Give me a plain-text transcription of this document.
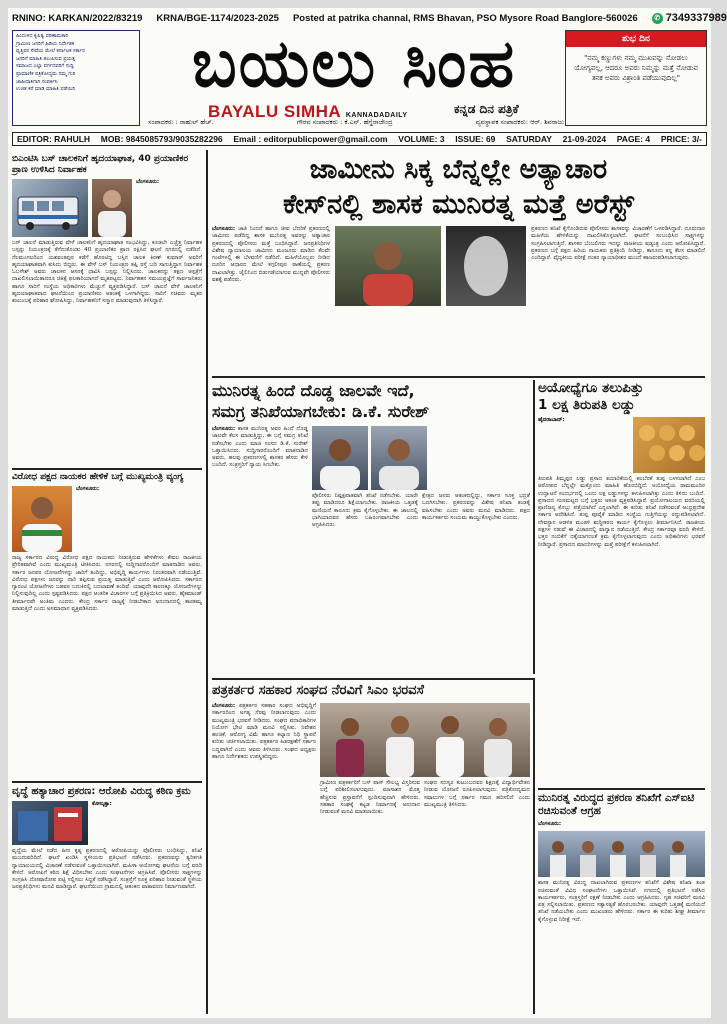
RNINO: KARKAN/2022/83219 KRNA/BGE-1174/2023-2025 Posted at patrika channal, RMS Bhavan, PSO Mysore Road Banglore-560026	✆ 7349337989

ಹಿಂದುಳಿದ ಕೃಷಿತ್ವ ಪರಿಣಾಮಕಾರಿ

ಗ್ರಾಮೀಣ ಜನರಿಗೆ ಹಿಡಿಯ ನಿರ್ದೇಶಕ

ವೃತ್ತಿಪರ ಸೇವೆಯ ಮೇಲೆ ಕರ್ನಾಟಕ ಸರ್ಕಾರ

ಜನರಿಗೆ ಮಾಹಿತಿ ತಲುಪಿಸುವ ಪ್ರಯತ್ನ

ಸಮಾಜದ ಎಲ್ಲಾ ವರ್ಗದವರಿಗೆ ಸುದ್ದಿ

ಪ್ರಾಮಾಣಿಕ ಪತ್ರಿಕೋದ್ಯಮ ನಮ್ಮ ಗುರಿ

ಜಾಹೀರಾತಿಗಾಗಿ ಸಂಪರ್ಕಿಸಿ

ಉಚಿತ ಕರೆ ಮಾಡಿ ಮಾಹಿತಿ ಪಡೆಯಿರಿ	ಬಯಲು ಸಿಂಹ
BAYALU SIMHA KANNADADAILY	ಕನ್ನಡ ದಿನ ಪತ್ರಿಕೆ
ಸಂಪಾದಕರು : ರಾಹುಲ್ ಹೆಚ್.	ಗೌರವ ಸಂಪಾದಕರು : ಕೆ.ಎನ್. ಹೆಗ್ಡೆರಾಜೇಂದ್ರ	ವ್ಯವಸ್ಥಾಪಕ ಸಂಪಾದಕರು: ಆರ್. ಶಿವರಾಜು
ಶುಭ ದಿನ
"ನಮ್ಮ ಕಣ್ಣುಗಳು ನಮ್ಮ ಮುಖವನ್ನು ನೋಡಲು ಯೋಗ್ಯವಲ್ಲ, ಆದರೂ ಅವರು ನಿಮ್ಮನ್ನು ಮತ್ತೆ ನೋಡುವ ತನಕ ಅವರು ವಿಶ್ರಾಂತಿ ಪಡೆಯುವುದಿಲ್ಲ"
EDITOR: RAHULH MOB: 9845085793/9035282296 Email : editorpublicpower@gmail.com VOLUME: 3 ISSUE: 69 SATURDAY 21-09-2024 PAGE: 4 PRICE: 3/-
ಬಿಎಂಟಿಸಿ ಬಸ್ ಚಾಲಕನಿಗೆ ಹೃದಯಾಘಾತ, 40 ಪ್ರಯಾಣಿಕರ ಪ್ರಾಣ ಉಳಿಸಿದ ನಿರ್ವಾಹಕ
ಬೆಂಗಳೂರು:
ಬಸ್ ಚಾಲನೆ ಮಾಡುತ್ತಿರುವ ವೇಳೆ ಚಾಲಕನಿಗೆ ಹೃದಯಾಘಾತ ಸಂಭವಿಸಿದ್ದು, ಕೂಡಲೇ ಎಚ್ಚೆತ್ತ ನಿರ್ವಾಹಕ ಬಸ್ಸನ್ನು ನಿಯಂತ್ರಣಕ್ಕೆ ತೆಗೆದುಕೊಂಡು 40 ಪ್ರಯಾಣಿಕರ ಪ್ರಾಣ ರಕ್ಷಿಸಿದ ಘಟನೆ ನಗರದಲ್ಲಿ ನಡೆದಿದೆ. ನೆಲಮಂಗಲದಿಂದ ಯಶವಂತಪುರ ಕಡೆಗೆ ಹೊರಟಿದ್ದ ಬಸ್ಸಿನ ಚಾಲಕ ಕಿರಣ್ ಕುಮಾರ್ ಅವರಿಗೆ ಹೃದಯಾಘಾತವಾಗಿ ಕುಸಿದು ಬಿದ್ದರು. ಈ ವೇಳೆ ಬಸ್ ನಿಯಂತ್ರಣ ತಪ್ಪಿ ರಸ್ತೆ ಬದಿ ಸಾಗುತ್ತಿದ್ದಾಗ ನಿರ್ವಾಹಕ ಓಬಳೇಶ್ ಅವರು ಚಾಲಕನ ಆಸನಕ್ಕೆ ಧಾವಿಸಿ ಬಸ್ಸನ್ನು ನಿಲ್ಲಿಸಿದರು. ಚಾಲಕನನ್ನು ತಕ್ಷಣ ಆಸ್ಪತ್ರೆಗೆ ದಾಖಲಿಸಲಾಯಿತಾದರೂ ಚಿಕಿತ್ಸೆ ಫಲಕಾರಿಯಾಗದೆ ಮೃತಪಟ್ಟರು. ನಿರ್ವಾಹಕನ ಸಮಯಪ್ರಜ್ಞೆಗೆ ಸಾರ್ವಜನಿಕರು ಹಾಗೂ ಸಾರಿಗೆ ಸಂಸ್ಥೆಯ ಅಧಿಕಾರಿಗಳು ಮೆಚ್ಚುಗೆ ವ್ಯಕ್ತಪಡಿಸಿದ್ದಾರೆ. ಬಸ್ ಚಾಲನೆ ವೇಳೆ ಚಾಲಕನಿಗೆ ಹೃದಯಾಘಾತವಾದ ಘಟನೆಯಿಂದ ಪ್ರಯಾಣಿಕರು ಆತಂಕಕ್ಕೆ ಒಳಗಾಗಿದ್ದರು. ಸಾರಿಗೆ ಸಚಿವರು ಮೃತರ ಕುಟುಂಬಕ್ಕೆ ಪರಿಹಾರ ಘೋಷಿಸಿದ್ದು, ನಿರ್ವಾಹಕನಿಗೆ ಸನ್ಮಾನ ಮಾಡುವುದಾಗಿ ತಿಳಿಸಿದ್ದಾರೆ.
ವಿರೋಧ ಪಕ್ಷದ ನಾಯಕರ ಹೇಳಿಕೆ ಬಗ್ಗೆ ಮುಖ್ಯಮಂತ್ರಿ ವ್ಯಂಗ್ಯ
ಬೆಂಗಳೂರು:
ರಾಜ್ಯ ಸರ್ಕಾರದ ವಿರುದ್ಧ ವಿರೋಧ ಪಕ್ಷದ ನಾಯಕರು ನೀಡುತ್ತಿರುವ ಹೇಳಿಕೆಗಳು ಕೇವಲ ರಾಜಕೀಯ ಪ್ರೇರಿತವಾಗಿವೆ ಎಂದು ಮುಖ್ಯಮಂತ್ರಿ ಟೀಕಿಸಿದರು. ನಗರದಲ್ಲಿ ಸುದ್ದಿಗಾರರೊಂದಿಗೆ ಮಾತನಾಡಿದ ಅವರು, ಸರ್ಕಾರ ಜನಪರ ಯೋಜನೆಗಳನ್ನು ಜಾರಿಗೆ ತಂದಿದ್ದು, ಅಭಿವೃದ್ಧಿ ಕಾರ್ಯಗಳು ನಿರಂತರವಾಗಿ ನಡೆಯುತ್ತಿವೆ. ವಿರೋಧ ಪಕ್ಷಗಳು ಜನರನ್ನು ದಾರಿ ತಪ್ಪಿಸುವ ಪ್ರಯತ್ನ ಮಾಡುತ್ತಿವೆ ಎಂದು ಆರೋಪಿಸಿದರು. ಸರ್ಕಾರದ ಗ್ಯಾರಂಟಿ ಯೋಜನೆಗಳು ಬಡವರ ಬದುಕಿನಲ್ಲಿ ಬದಲಾವಣೆ ತಂದಿವೆ. ಯಾವುದೇ ಕಾರಣಕ್ಕೂ ಯೋಜನೆಗಳನ್ನು ನಿಲ್ಲಿಸುವುದಿಲ್ಲ ಎಂದು ಸ್ಪಷ್ಟಪಡಿಸಿದರು. ಪಕ್ಷದ ಆಂತರಿಕ ವಿಚಾರಗಳ ಬಗ್ಗೆ ಪ್ರತಿಕ್ರಿಯಿಸಿದ ಅವರು, ಹೈಕಮಾಂಡ್ ತೀರ್ಮಾನವೇ ಅಂತಿಮ ಎಂದರು. ಕೇಂದ್ರ ಸರ್ಕಾರ ರಾಜ್ಯಕ್ಕೆ ನೀಡಬೇಕಾದ ಅನುದಾನದಲ್ಲಿ ತಾರತಮ್ಯ ಮಾಡುತ್ತಿದೆ ಎಂದು ಅಸಮಾಧಾನ ವ್ಯಕ್ತಪಡಿಸಿದರು.
ವೃದ್ಧೆ ಹತ್ಯಾಚಾರ ಪ್ರಕರಣ: ಆರೋಪಿ ವಿರುದ್ಧ ಕಠಿಣ ಕ್ರಮ
ಕೋಲ್ಕತ್ತಾ:
ವೃದ್ಧೆಯ ಮೇಲೆ ನಡೆದ ಹೀನ ಕೃತ್ಯ ಪ್ರಕರಣದಲ್ಲಿ ಆರೋಪಿಯನ್ನು ಪೊಲೀಸರು ಬಂಧಿಸಿದ್ದು, ತನಿಖೆ ಮುಂದುವರಿದಿದೆ. ಘಟನೆ ಖಂಡಿಸಿ ಸ್ಥಳೀಯರು ಪ್ರತಿಭಟನೆ ನಡೆಸಿದರು. ಪ್ರಕರಣವನ್ನು ತ್ವರಿತಗತಿ ನ್ಯಾಯಾಲಯದಲ್ಲಿ ವಿಚಾರಣೆ ನಡೆಸುವಂತೆ ಒತ್ತಾಯಿಸಲಾಗಿದೆ. ಮಹಿಳಾ ಆಯೋಗವು ಘಟನೆಯ ಬಗ್ಗೆ ವರದಿ ಕೇಳಿದೆ. ಆರೋಪಿಗೆ ಕಠಿಣ ಶಿಕ್ಷೆ ವಿಧಿಸಬೇಕು ಎಂದು ಸಂಘಟನೆಗಳು ಆಗ್ರಹಿಸಿವೆ. ಪೊಲೀಸರು ಸಾಕ್ಷ್ಯಗಳನ್ನು ಸಂಗ್ರಹಿಸಿ ದೋಷಾರೋಪ ಪಟ್ಟಿ ಸಲ್ಲಿಸಲು ಸಿದ್ಧತೆ ನಡೆಸಿದ್ದಾರೆ. ಸಂತ್ರಸ್ತೆಗೆ ಸೂಕ್ತ ಪರಿಹಾರ ನೀಡುವಂತೆ ಸ್ಥಳೀಯ ಜನಪ್ರತಿನಿಧಿಗಳು ಮನವಿ ಮಾಡಿದ್ದಾರೆ. ಘಟನೆಯಿಂದ ಗ್ರಾಮದಲ್ಲಿ ಆತಂಕದ ವಾತಾವರಣ ನಿರ್ಮಾಣವಾಗಿದೆ.
ಜಾಮೀನು ಸಿಕ್ಕ ಬೆನ್ನಲ್ಲೇ ಅತ್ಯಾಚಾರ
ಕೇಸ್‌ನಲ್ಲಿ ಶಾಸಕ ಮುನಿರತ್ನ ಮತ್ತೆ ಅರೆಸ್ಟ್
ಬೆಂಗಳೂರು: ಜಾತಿ ನಿಂದನೆ ಹಾಗೂ ಜೀವ ಬೆದರಿಕೆ ಪ್ರಕರಣದಲ್ಲಿ ಜಾಮೀನು ಪಡೆದಿದ್ದ ಶಾಸಕ ಮುನಿರತ್ನ ಅವರನ್ನು ಅತ್ಯಾಚಾರ ಪ್ರಕರಣದಲ್ಲಿ ಪೊಲೀಸರು ಮತ್ತೆ ಬಂಧಿಸಿದ್ದಾರೆ. ಜನಪ್ರತಿನಿಧಿಗಳ ವಿಶೇಷ ನ್ಯಾಯಾಲಯ ಜಾಮೀನು ಮಂಜೂರು ಮಾಡಿದ ಕೆಲವೇ ಗಂಟೆಗಳಲ್ಲಿ ಈ ಬೆಳವಣಿಗೆ ನಡೆದಿದೆ. ಮಹಿಳೆಯೊಬ್ಬರು ನೀಡಿದ ದೂರಿನ ಆಧಾರದ ಮೇಲೆ ಕಗ್ಗಲೀಪುರ ಠಾಣೆಯಲ್ಲಿ ಪ್ರಕರಣ ದಾಖಲಾಗಿತ್ತು. ಜೈಲಿನಿಂದ ಬಿಡುಗಡೆಯಾಗುವ ಮುನ್ನವೇ ಪೊಲೀಸರು ವಶಕ್ಕೆ ಪಡೆದರು.
ಪ್ರಕರಣದ ತನಿಖೆ ಕೈಗೊಂಡಿರುವ ಪೊಲೀಸರು ಶಾಸಕರನ್ನು ವಿಚಾರಣೆಗೆ ಒಳಪಡಿಸಿದ್ದಾರೆ. ದೂರುದಾರ ಮಹಿಳೆಯ ಹೇಳಿಕೆಯನ್ನು ದಾಖಲಿಸಿಕೊಳ್ಳಲಾಗಿದೆ. ಘಟನೆಗೆ ಸಂಬಂಧಿಸಿದ ಸಾಕ್ಷ್ಯಗಳನ್ನು ಸಂಗ್ರಹಿಸಲಾಗುತ್ತಿದೆ. ಶಾಸಕರ ಬೆಂಬಲಿಗರು ಇದನ್ನು ರಾಜಕೀಯ ಷಡ್ಯಂತ್ರ ಎಂದು ಆರೋಪಿಸಿದ್ದಾರೆ. ಪ್ರಕರಣದ ಬಗ್ಗೆ ಪಕ್ಷದ ಹಿರಿಯ ನಾಯಕರು ಪ್ರತಿಕ್ರಿಯೆ ನೀಡಿದ್ದು, ಕಾನೂನು ತನ್ನ ಕೆಲಸ ಮಾಡಲಿದೆ ಎಂದಿದ್ದಾರೆ. ವೈದ್ಯಕೀಯ ಪರೀಕ್ಷೆ ನಂತರ ನ್ಯಾಯಾಧೀಶರ ಮುಂದೆ ಹಾಜರುಪಡಿಸಲಾಗುವುದು.
ಮುನಿರತ್ನ ಹಿಂದೆ ದೊಡ್ಡ ಜಾಲವೇ ಇದೆ,
ಸಮಗ್ರ ತನಿಖೆಯಾಗಬೇಕು: ಡಿ.ಕೆ. ಸುರೇಶ್
ಬೆಂಗಳೂರು: ಶಾಸಕ ಮುನಿರತ್ನ ಅವರ ಹಿಂದೆ ದೊಡ್ಡ ಜಾಲವೇ ಕೆಲಸ ಮಾಡುತ್ತಿದ್ದು, ಈ ಬಗ್ಗೆ ಸಮಗ್ರ ತನಿಖೆ ನಡೆಸಬೇಕು ಎಂದು ಮಾಜಿ ಸಂಸದ ಡಿ.ಕೆ. ಸುರೇಶ್ ಒತ್ತಾಯಿಸಿದರು. ಸುದ್ದಿಗಾರರೊಂದಿಗೆ ಮಾತನಾಡಿದ ಅವರು, ಹಲವು ಪ್ರಕರಣಗಳಲ್ಲಿ ಶಾಸಕರ ಹೆಸರು ಕೇಳಿ ಬಂದಿದೆ. ಸಂತ್ರಸ್ತರಿಗೆ ನ್ಯಾಯ ಸಿಗಬೇಕು.
ಪೊಲೀಸರು ನಿಷ್ಪಕ್ಷಪಾತವಾಗಿ ತನಿಖೆ ನಡೆಸಬೇಕು. ಯಾರೇ ತಪ್ಪು ಮಾಡಿದರೂ ಶಿಕ್ಷೆಯಾಗಬೇಕು. ರಾಜಕೀಯ ಒತ್ತಡಕ್ಕೆ ಮಣಿಯದೆ ಕಾನೂನು ಕ್ರಮ ಕೈಗೊಳ್ಳಬೇಕು. ಈ ಜಾಲದಲ್ಲಿ ಭಾಗಿಯಾದವರ ಹೆಸರು ಬಹಿರಂಗವಾಗಬೇಕು ಎಂದು ಆಗ್ರಹಿಸಿದರು.
ಕ್ಷೇತ್ರದ ಜನರು ಆತಂಕದಲ್ಲಿದ್ದು, ಸರ್ಕಾರ ಸೂಕ್ತ ಭದ್ರತೆ ಒದಗಿಸಬೇಕು. ಪ್ರಕರಣವನ್ನು ವಿಶೇಷ ತನಿಖಾ ತಂಡಕ್ಕೆ ವಹಿಸಬೇಕು ಎಂದು ಅವರು ಮನವಿ ಮಾಡಿದರು. ಪಕ್ಷದ ಕಾರ್ಯಕರ್ತರು ಸಂಯಮ ಕಾಯ್ದುಕೊಳ್ಳಬೇಕು ಎಂದರು.
ಅಯೋಧ್ಯೆಗೂ ತಲುಪಿತ್ತು
1 ಲಕ್ಷ ತಿರುಪತಿ ಲಡ್ಡು
ಹೈದರಾಬಾದ್:
ತಿರುಪತಿ ತಿಮ್ಮಪ್ಪನ ಲಡ್ಡು ಪ್ರಸಾದ ತಯಾರಿಕೆಯಲ್ಲಿ ಕಲಬೆರಕೆ ತುಪ್ಪ ಬಳಸಲಾಗಿದೆ ಎಂಬ ಆರೋಪದ ಬೆನ್ನಲ್ಲೇ ಮತ್ತೊಂದು ಮಾಹಿತಿ ಹೊರಬಿದ್ದಿದೆ. ಅಯೋಧ್ಯೆಯ ರಾಮಮಂದಿರ ಉದ್ಘಾಟನೆ ಸಂದರ್ಭದಲ್ಲಿ ಒಂದು ಲಕ್ಷ ಲಡ್ಡುಗಳನ್ನು ಕಳುಹಿಸಲಾಗಿತ್ತು ಎಂದು ತಿಳಿದು ಬಂದಿದೆ. ಪ್ರಸಾದದ ಗುಣಮಟ್ಟದ ಬಗ್ಗೆ ಭಕ್ತರು ಆತಂಕ ವ್ಯಕ್ತಪಡಿಸಿದ್ದಾರೆ. ಪ್ರಯೋಗಾಲಯದ ವರದಿಯಲ್ಲಿ ಪ್ರಾಣಿಜನ್ಯ ಕೊಬ್ಬು ಪತ್ತೆಯಾಗಿದೆ ಎನ್ನಲಾಗಿದೆ. ಈ ಕುರಿತು ತನಿಖೆ ನಡೆಸುವಂತೆ ಆಂಧ್ರಪ್ರದೇಶ ಸರ್ಕಾರ ಆದೇಶಿಸಿದೆ. ತುಪ್ಪ ಪೂರೈಕೆ ಮಾಡಿದ ಸಂಸ್ಥೆಯ ಗುತ್ತಿಗೆಯನ್ನು ರದ್ದುಪಡಿಸಲಾಗಿದೆ. ದೇವಸ್ಥಾನ ಆಡಳಿತ ಮಂಡಳಿ ಶುದ್ಧೀಕರಣ ಕಾರ್ಯ ಕೈಗೊಳ್ಳಲು ತೀರ್ಮಾನಿಸಿದೆ. ರಾಜಕೀಯ ಪಕ್ಷಗಳ ನಡುವೆ ಈ ವಿಚಾರದಲ್ಲಿ ವಾಗ್ವಾದ ನಡೆಯುತ್ತಿದೆ. ಕೇಂದ್ರ ಸರ್ಕಾರವೂ ವರದಿ ಕೇಳಿದೆ. ಭಕ್ತರ ನಂಬಿಕೆಗೆ ಧಕ್ಕೆಯಾಗದಂತೆ ಕ್ರಮ ಕೈಗೊಳ್ಳಲಾಗುವುದು ಎಂದು ಅಧಿಕಾರಿಗಳು ಭರವಸೆ ನೀಡಿದ್ದಾರೆ. ಪ್ರಸಾದದ ಮಾದರಿಗಳನ್ನು ಮತ್ತೆ ಪರೀಕ್ಷೆಗೆ ಕಳುಹಿಸಲಾಗಿದೆ.
ಪತ್ರಕರ್ತರ ಸಹಕಾರ ಸಂಘದ ನೆರವಿಗೆ ಸಿಎಂ ಭರವಸೆ
ಬೆಂಗಳೂರು: ಪತ್ರಕರ್ತರ ಸಹಕಾರ ಸಂಘದ ಅಭಿವೃದ್ಧಿಗೆ ಸರ್ಕಾರದಿಂದ ಅಗತ್ಯ ನೆರವು ನೀಡಲಾಗುವುದು ಎಂದು ಮುಖ್ಯಮಂತ್ರಿ ಭರವಸೆ ನೀಡಿದರು. ಸಂಘದ ಪದಾಧಿಕಾರಿಗಳ ನಿಯೋಗ ಭೇಟಿ ಮಾಡಿ ಮನವಿ ಸಲ್ಲಿಸಿತು. ನಿವೇಶನ ಹಂಚಿಕೆ, ಆರೋಗ್ಯ ವಿಮೆ ಹಾಗೂ ಕಲ್ಯಾಣ ನಿಧಿ ಸ್ಥಾಪನೆ ಕುರಿತು ಚರ್ಚಿಸಲಾಯಿತು. ಪತ್ರಕರ್ತರ ಹಿತರಕ್ಷಣೆಗೆ ಸರ್ಕಾರ ಬದ್ಧವಾಗಿದೆ ಎಂದು ಅವರು ತಿಳಿಸಿದರು. ಸಂಘದ ಅಧ್ಯಕ್ಷರು ಹಾಗೂ ನಿರ್ದೇಶಕರು ಉಪಸ್ಥಿತರಿದ್ದರು.
ಗ್ರಾಮೀಣ ಪತ್ರಕರ್ತರಿಗೆ ಬಸ್ ಪಾಸ್ ಸೌಲಭ್ಯ ವಿಸ್ತರಿಸುವ ಬಗ್ಗೆ ಪರಿಶೀಲಿಸಲಾಗುವುದು. ಮಾಸಾಶನ ಮೊತ್ತ ಹೆಚ್ಚಿಸುವ ಪ್ರಸ್ತಾವನೆಗೆ ಸ್ಪಂದಿಸುವುದಾಗಿ ಹೇಳಿದರು. ಸಹಕಾರ ಸಂಘಕ್ಕೆ ಕಟ್ಟಡ ನಿರ್ಮಾಣಕ್ಕೆ ಅನುದಾನ ನೀಡುವಂತೆ ಮನವಿ ಮಾಡಲಾಯಿತು.
ಸಂಘದ ಸದಸ್ಯರ ಕುಟುಂಬದವರ ಶಿಕ್ಷಣಕ್ಕೆ ವಿದ್ಯಾರ್ಥಿವೇತನ ನೀಡುವ ಯೋಜನೆ ರೂಪಿಸಲಾಗುವುದು. ಪತ್ರಿಕೋದ್ಯಮದ ಸವಾಲುಗಳ ಬಗ್ಗೆ ಸರ್ಕಾರ ಗಮನ ಹರಿಸಲಿದೆ ಎಂದು ಮುಖ್ಯಮಂತ್ರಿ ತಿಳಿಸಿದರು.
ಮುನಿರತ್ನ ವಿರುದ್ಧದ ಪ್ರಕರಣ ತನಿಖೆಗೆ ಎಸ್ಐಟಿ ರಚಿಸುವಂತೆ ಆಗ್ರಹ
ಬೆಂಗಳೂರು:
ಶಾಸಕ ಮುನಿರತ್ನ ವಿರುದ್ಧ ದಾಖಲಾಗಿರುವ ಪ್ರಕರಣಗಳ ತನಿಖೆಗೆ ವಿಶೇಷ ತನಿಖಾ ತಂಡ ರಚಿಸುವಂತೆ ವಿವಿಧ ಸಂಘಟನೆಗಳು ಒತ್ತಾಯಿಸಿವೆ. ನಗರದಲ್ಲಿ ಪ್ರತಿಭಟನೆ ನಡೆಸಿದ ಕಾರ್ಯಕರ್ತರು, ಸಂತ್ರಸ್ತರಿಗೆ ರಕ್ಷಣೆ ನೀಡಬೇಕು ಎಂದು ಆಗ್ರಹಿಸಿದರು. ಗೃಹ ಸಚಿವರಿಗೆ ಮನವಿ ಪತ್ರ ಸಲ್ಲಿಸಲಾಯಿತು. ಪ್ರಕರಣದ ಸತ್ಯಾಸತ್ಯತೆ ಹೊರಬರಬೇಕು. ಯಾವುದೇ ಒತ್ತಡಕ್ಕೆ ಮಣಿಯದೆ ತನಿಖೆ ನಡೆಯಬೇಕು ಎಂದು ಮುಖಂಡರು ಹೇಳಿದರು. ಸರ್ಕಾರ ಈ ಕುರಿತು ಶೀಘ್ರ ತೀರ್ಮಾನ ಕೈಗೊಳ್ಳುವ ನಿರೀಕ್ಷೆ ಇದೆ.
